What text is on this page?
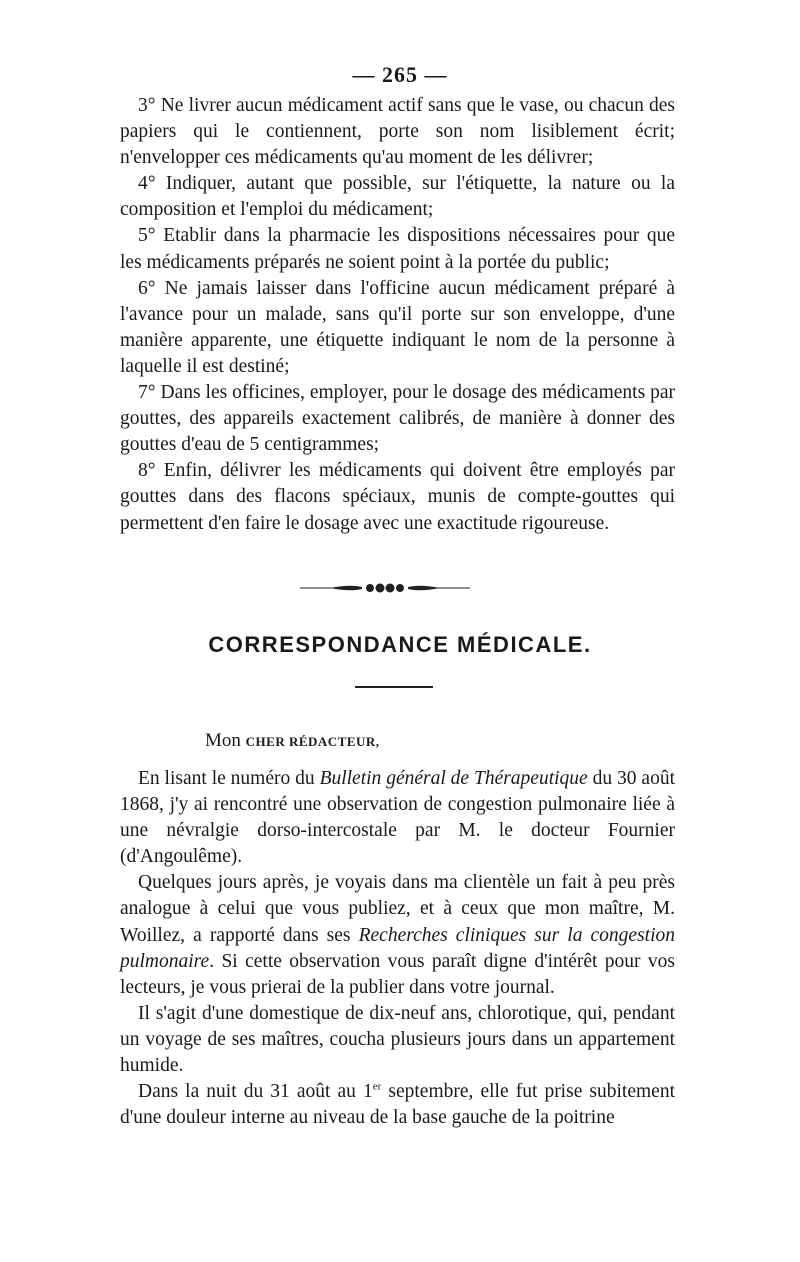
— 265 —

3° Ne livrer aucun médicament actif sans que le vase, ou chacun des papiers qui le contiennent, porte son nom lisiblement écrit; n'envelopper ces médicaments qu'au moment de les délivrer;

4° Indiquer, autant que possible, sur l'étiquette, la nature ou la composition et l'emploi du médicament;

5° Etablir dans la pharmacie les dispositions nécessaires pour que les médicaments préparés ne soient point à la portée du public;

6° Ne jamais laisser dans l'officine aucun médicament préparé à l'avance pour un malade, sans qu'il porte sur son enveloppe, d'une manière apparente, une étiquette indiquant le nom de la personne à laquelle il est destiné;

7° Dans les officines, employer, pour le dosage des médicaments par gouttes, des appareils exactement calibrés, de manière à donner des gouttes d'eau de 5 centigrammes;

8° Enfin, délivrer les médicaments qui doivent être employés par gouttes dans des flacons spéciaux, munis de compte-gouttes qui permettent d'en faire le dosage avec une exactitude rigoureuse.

CORRESPONDANCE MÉDICALE.
Mon CHER RÉDACTEUR,

En lisant le numéro du Bulletin général de Thérapeutique du 30 août 1868, j'y ai rencontré une observation de congestion pulmonaire liée à une névralgie dorso-intercostale par M. le docteur Fournier (d'Angoulême).

Quelques jours après, je voyais dans ma clientèle un fait à peu près analogue à celui que vous publiez, et à ceux que mon maître, M. Woillez, a rapporté dans ses Recherches cliniques sur la congestion pulmonaire. Si cette observation vous paraît digne d'intérêt pour vos lecteurs, je vous prierai de la publier dans votre journal.

Il s'agit d'une domestique de dix-neuf ans, chlorotique, qui, pendant un voyage de ses maîtres, coucha plusieurs jours dans un appartement humide.

Dans la nuit du 31 août au 1er septembre, elle fut prise subitement d'une douleur interne au niveau de la base gauche de la poitrine
